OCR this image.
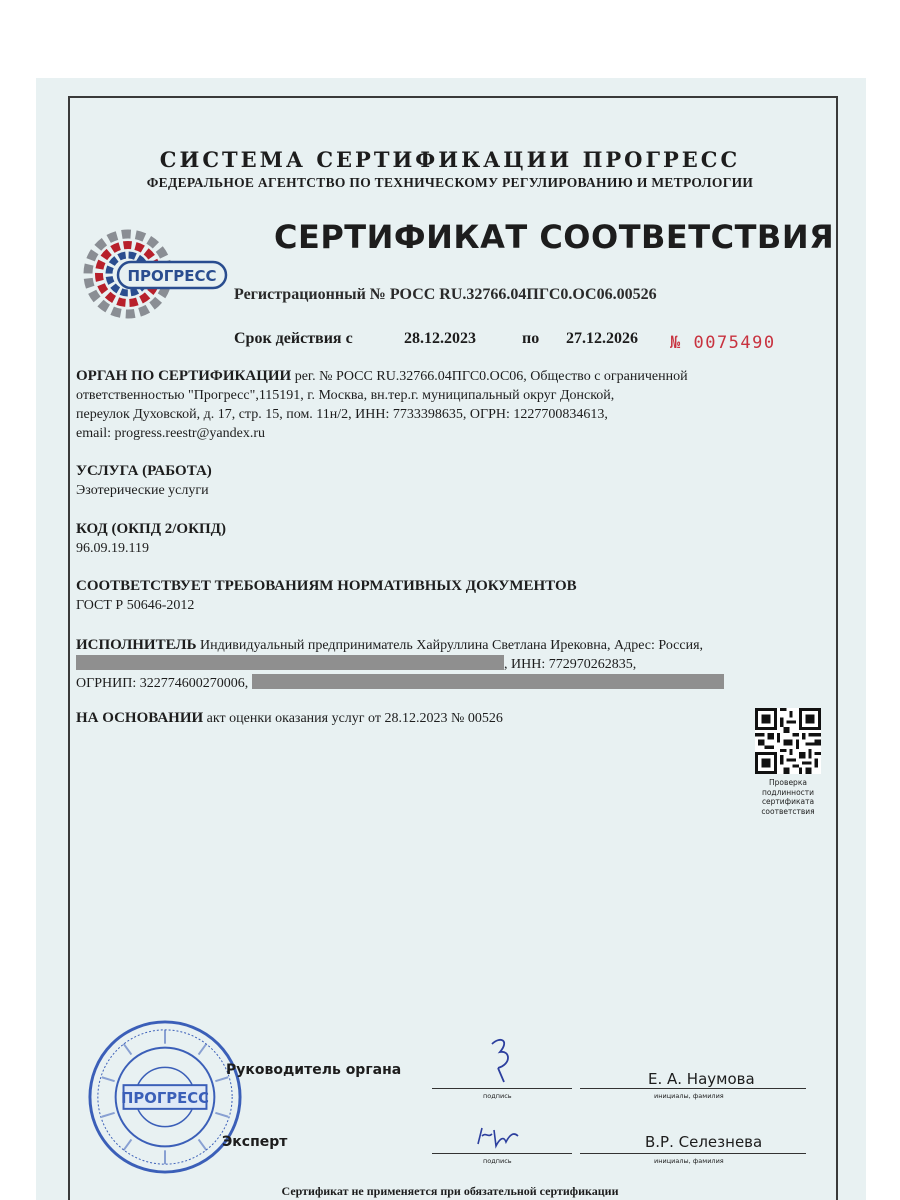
СИСТЕМА СЕРТИФИКАЦИИ ПРОГРЕСС
ФЕДЕРАЛЬНОЕ АГЕНТСТВО ПО ТЕХНИЧЕСКОМУ РЕГУЛИРОВАНИЮ И МЕТРОЛОГИИ
ПРОГРЕСС
СЕРТИФИКАТ СООТВЕТСТВИЯ
Регистрационный № РОСС RU.32766.04ПГС0.ОС06.00526
Срок действия с	28.12.2023	по 27.12.2026 № 0075490
ОРГАН ПО СЕРТИФИКАЦИИ рег. № РОСС RU.32766.04ПГС0.ОС06, Общество с ограниченной
ответственностью "Прогресс",115191, г. Москва, вн.тер.г. муниципальный округ Донской,
переулок Духовской, д. 17, стр. 15, пом. 11н/2, ИНН: 7733398635, ОГРН: 1227700834613,
email: progress.reestr@yandex.ru
УСЛУГА (РАБОТА)
Эзотерические услуги
КОД (ОКПД 2/ОКПД)
96.09.19.119
СООТВЕТСТВУЕТ ТРЕБОВАНИЯМ НОРМАТИВНЫХ ДОКУМЕНТОВ
ГОСТ Р 50646-2012
ИСПОЛНИТЕЛЬ Индивидуальный предприниматель Хайруллина Светлана Ирековна, Адрес: Россия,
, ИНН: 772970262835,
ОГРНИП: 322774600270006,
НА ОСНОВАНИИ акт оценки оказания услуг от 28.12.2023 № 00526
Проверка подлинности сертификата соответствия
ПРОГРЕСС
Руководитель органа
подпись
Е. А. Наумова
инициалы, фамилия
Эксперт
подпись
В.Р. Селезнева
инициалы, фамилия
Сертификат не применяется при обязательной сертификации
